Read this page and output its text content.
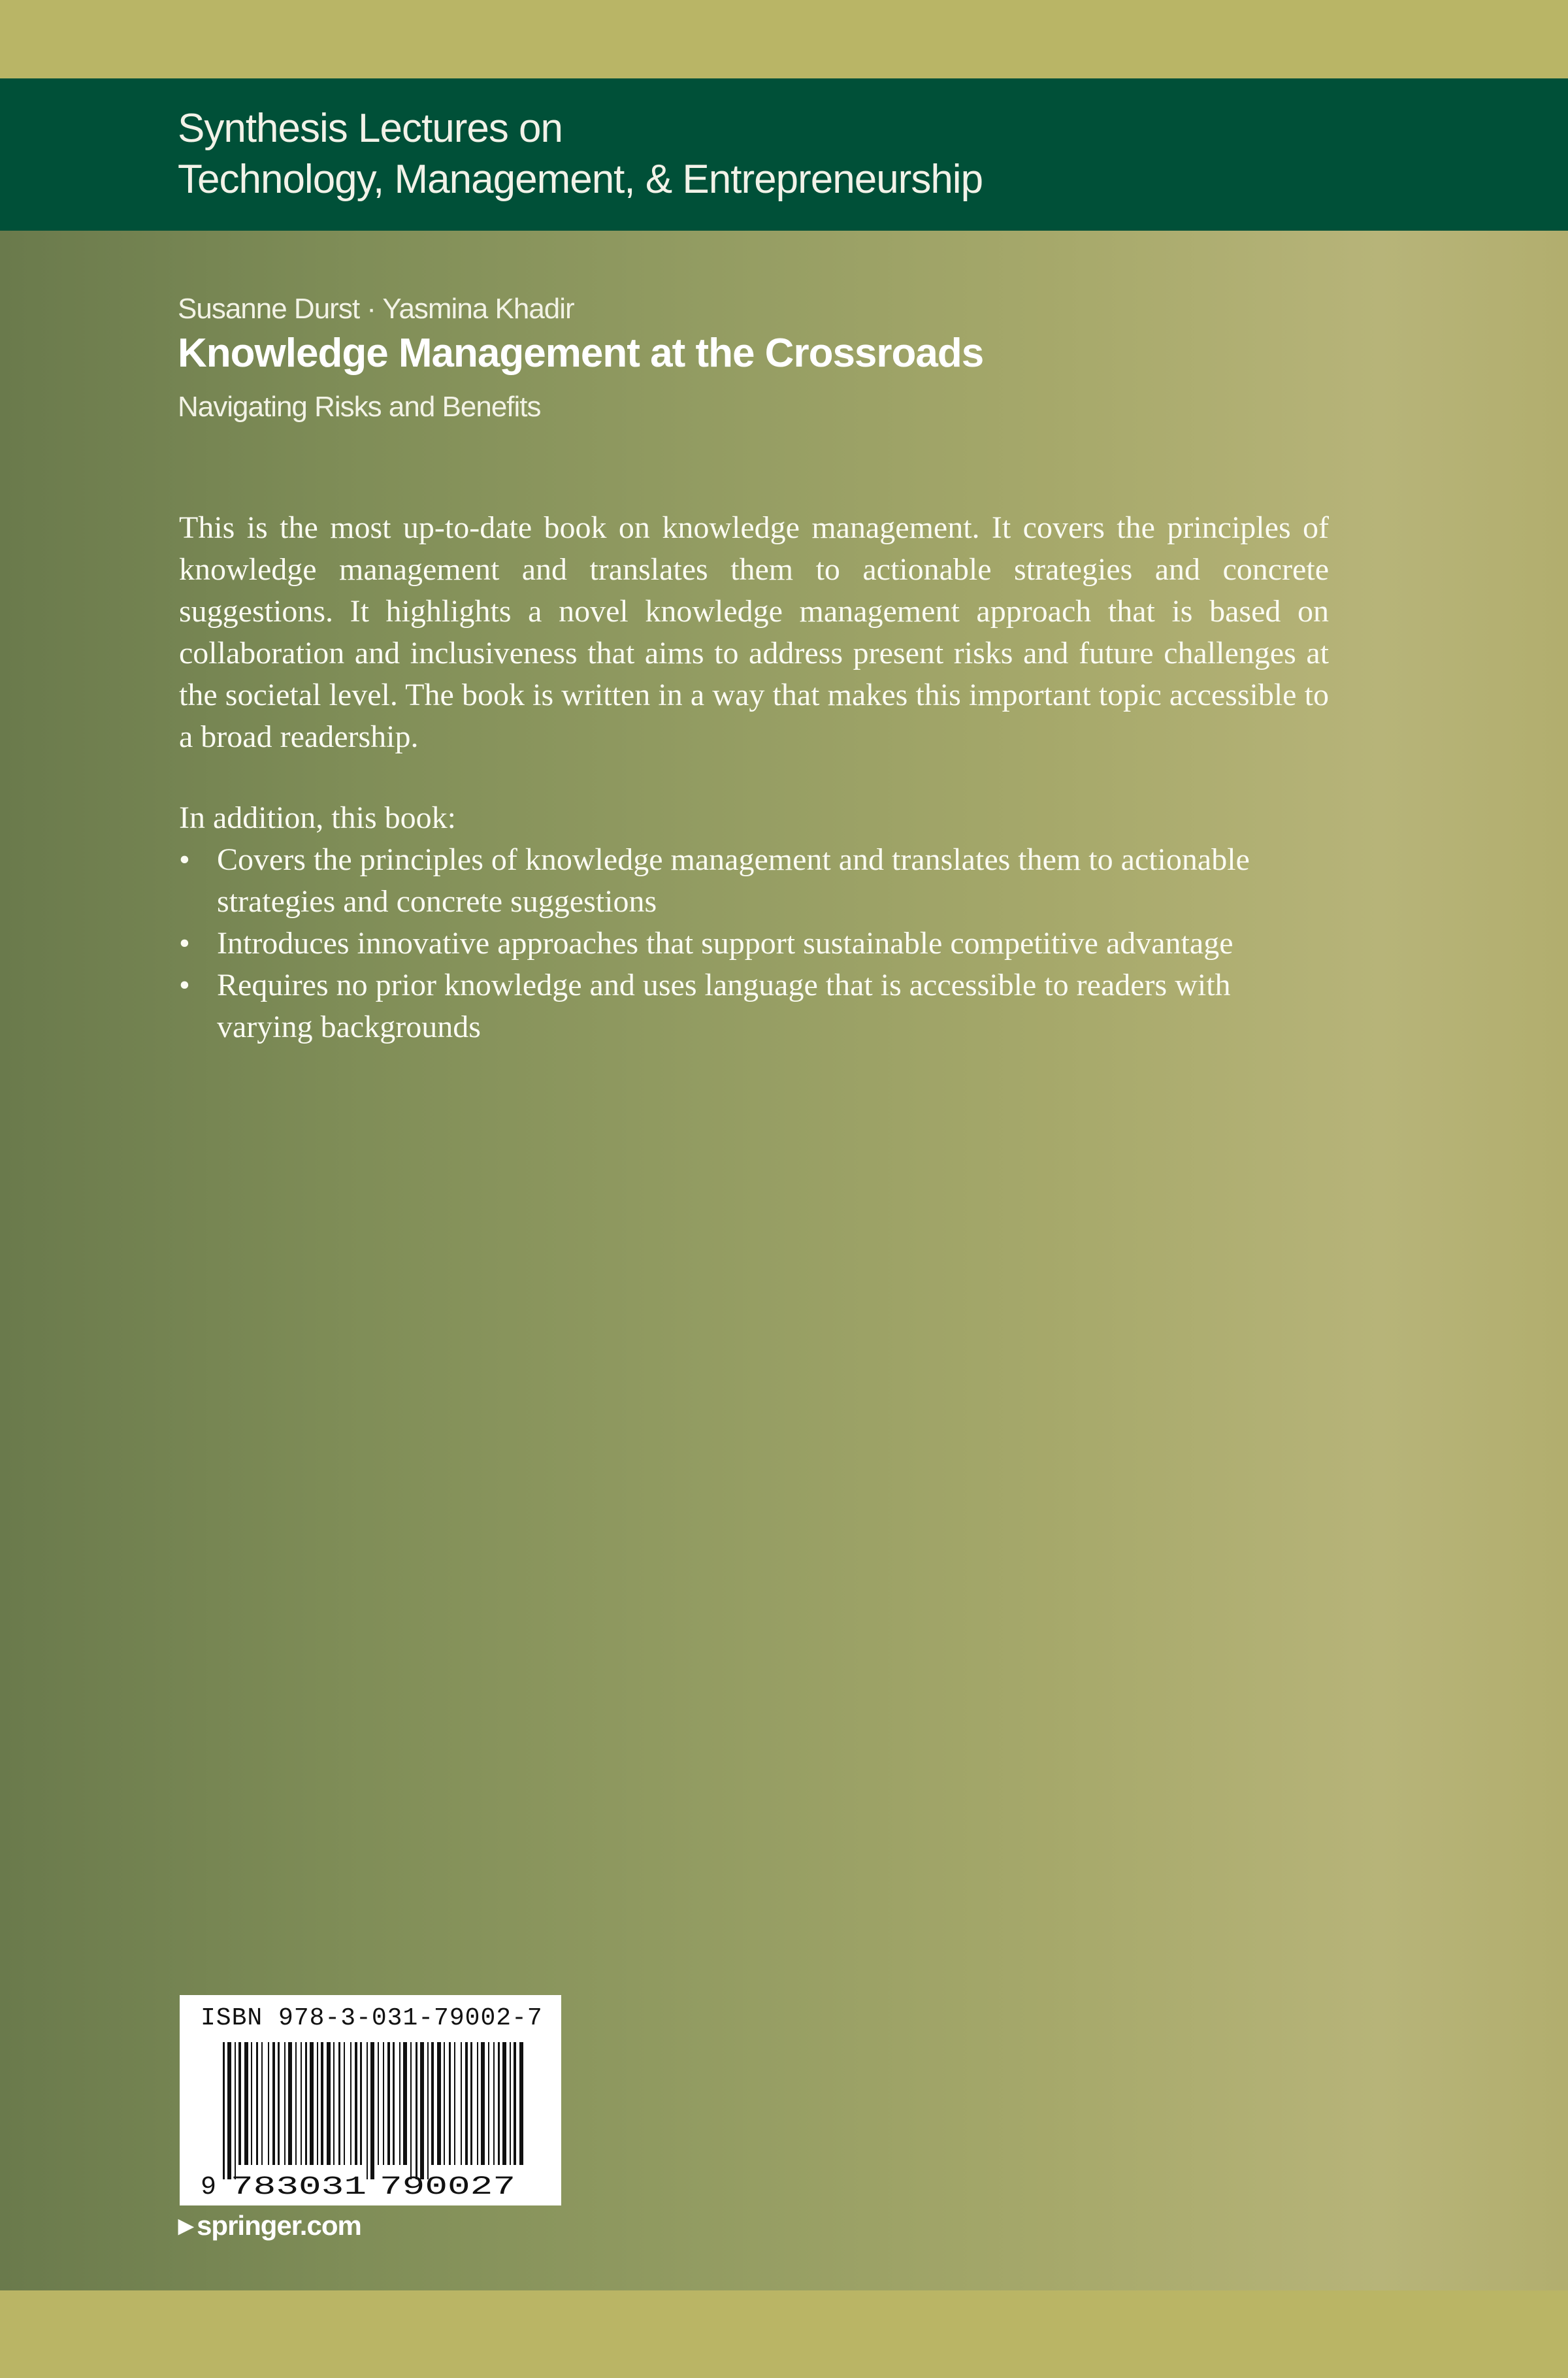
Synthesis Lectures on
Technology, Management, & Entrepreneurship
Susanne Durst · Yasmina Khadir
Knowledge Management at the Crossroads
Navigating Risks and Benefits

This is the most up-to-date book on knowledge management. It covers the principles of knowledge management and translates them to actionable strategies and concrete suggestions. It highlights a novel knowledge management approach that is based on collaboration and inclusiveness that aims to address present risks and future challenges at the societal level. The book is written in a way that makes this important topic accessible to a broad readership.

In addition, this book:

• Covers the principles of knowledge management and translates them to actionable strategies and concrete suggestions
• Introduces innovative approaches that support sustainable competitive advantage
• Requires no prior knowledge and uses language that is accessible to readers with varying backgrounds
ISBN 978-3-031-79002-7
9 783031 790027
▶ springer.com
